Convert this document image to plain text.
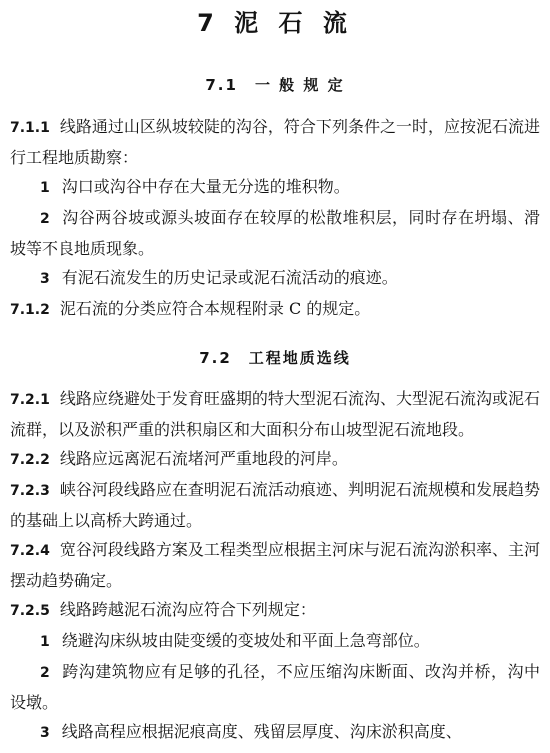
7 泥 石 流
7.1　一 般 规 定

7.1.1 线路通过山区纵坡较陡的沟谷，符合下列条件之一时，应按泥石流进行工程地质勘察：

1 沟口或沟谷中存在大量无分选的堆积物。

2 沟谷两谷坡或源头坡面存在较厚的松散堆积层，同时存在坍塌、滑坡等不良地质现象。

3 有泥石流发生的历史记录或泥石流活动的痕迹。

7.1.2 泥石流的分类应符合本规程附录 C 的规定。

7.2　工程地质选线

7.2.1 线路应绕避处于发育旺盛期的特大型泥石流沟、大型泥石流沟或泥石流群，以及淤积严重的洪积扇区和大面积分布山坡型泥石流地段。

7.2.2 线路应远离泥石流堵河严重地段的河岸。

7.2.3 峡谷河段线路应在查明泥石流活动痕迹、判明泥石流规模和发展趋势的基础上以高桥大跨通过。

7.2.4 宽谷河段线路方案及工程类型应根据主河床与泥石流沟淤积率、主河摆动趋势确定。

7.2.5 线路跨越泥石流沟应符合下列规定：

1 绕避沟床纵坡由陡变缓的变坡处和平面上急弯部位。

2 跨沟建筑物应有足够的孔径，不应压缩沟床断面、改沟并桥，沟中设墩。

3 线路高程应根据泥痕高度、残留层厚度、沟床淤积高度、
